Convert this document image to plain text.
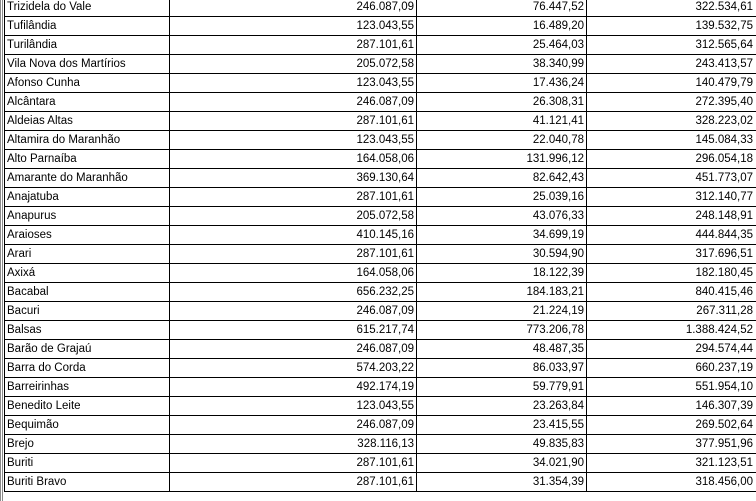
Trizidela do Vale	246.087,09	76.447,52	322.534,61
Tufilândia	123.043,55	16.489,20	139.532,75
Turilândia	287.101,61	25.464,03	312.565,64
Vila Nova dos Martírios	205.072,58	38.340,99	243.413,57
Afonso Cunha	123.043,55	17.436,24	140.479,79
Alcântara	246.087,09	26.308,31	272.395,40
Aldeias Altas	287.101,61	41.121,41	328.223,02
Altamira do Maranhão	123.043,55	22.040,78	145.084,33
Alto Parnaíba	164.058,06	131.996,12	296.054,18
Amarante do Maranhão	369.130,64	82.642,43	451.773,07
Anajatuba	287.101,61	25.039,16	312.140,77
Anapurus	205.072,58	43.076,33	248.148,91
Araioses	410.145,16	34.699,19	444.844,35
Arari	287.101,61	30.594,90	317.696,51
Axixá	164.058,06	18.122,39	182.180,45
Bacabal	656.232,25	184.183,21	840.415,46
Bacuri	246.087,09	21.224,19	267.311,28
Balsas	615.217,74	773.206,78	1.388.424,52
Barão de Grajaú	246.087,09	48.487,35	294.574,44
Barra do Corda	574.203,22	86.033,97	660.237,19
Barreirinhas	492.174,19	59.779,91	551.954,10
Benedito Leite	123.043,55	23.263,84	146.307,39
Bequimão	246.087,09	23.415,55	269.502,64
Brejo	328.116,13	49.835,83	377.951,96
Buriti	287.101,61	34.021,90	321.123,51
Buriti Bravo	287.101,61	31.354,39	318.456,00
